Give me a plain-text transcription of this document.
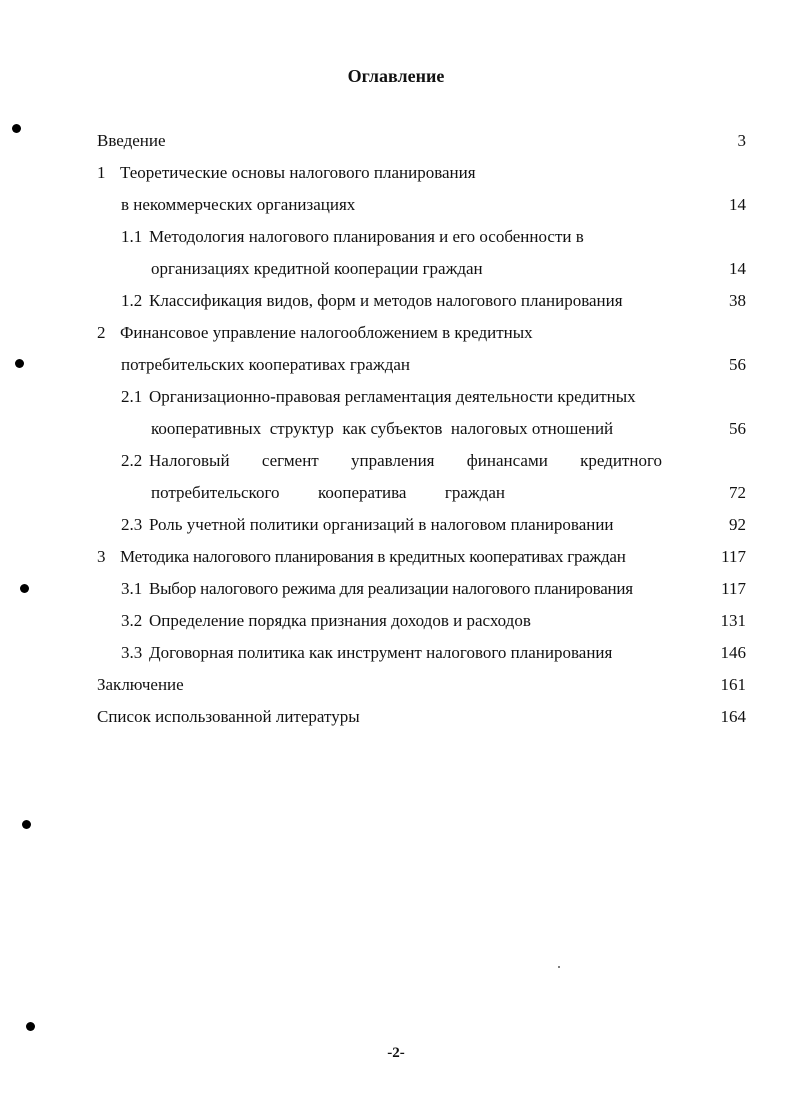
Оглавление
Введение	3
1 Теоретические основы налогового планирования
в некоммерческих организациях	14
1.1 Методология налогового планирования и его особенности в
организациях кредитной кооперации граждан	14
1.2 Классификация видов, форм и методов налогового планирования	38
2 Финансовое управление налогообложением в кредитных
потребительских кооперативах граждан	56
2.1 Организационно-правовая регламентация деятельности кредитных
кооперативных  структур  как субъектов  налоговых отношений	56
2.2 Налоговый сегмент управления финансами кредитного
потребительского кооператива граждан	72
2.3 Роль учетной политики организаций в налоговом планировании	92
3 Методика налогового планирования в кредитных кооперативах граждан	117
3.1 Выбор налогового режима для реализации налогового планирования	117
3.2 Определение порядка признания доходов и расходов	131
3.3 Договорная политика как инструмент налогового планирования	146
Заключение	161
Список использованной литературы	164
-2-
